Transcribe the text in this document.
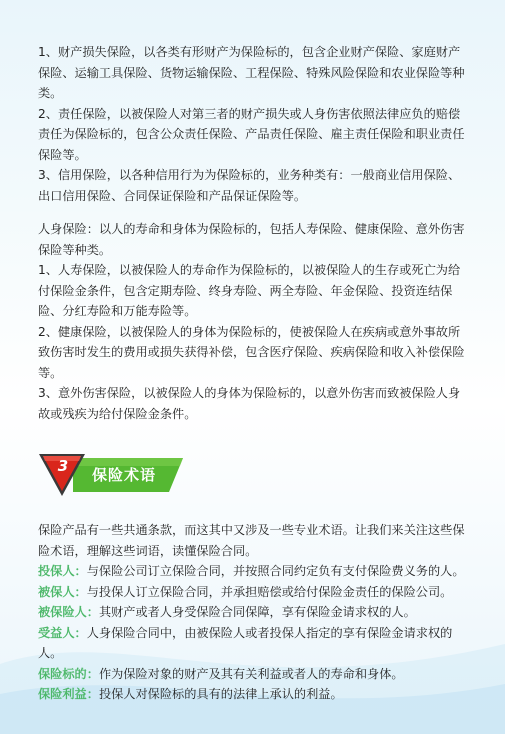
1、财产损失保险，以各类有形财产为保险标的，包含企业财产保险、家庭财产保险、运输工具保险、货物运输保险、工程保险、特殊风险保险和农业保险等种类。

2、责任保险，以被保险人对第三者的财产损失或人身伤害依照法律应负的赔偿责任为保险标的，包含公众责任保险、产品责任保险、雇主责任保险和职业责任保险等。

3、信用保险，以各种信用行为为保险标的，业务种类有：一般商业信用保险、出口信用保险、合同保证保险和产品保证保险等。

人身保险：以人的寿命和身体为保险标的，包括人寿保险、健康保险、意外伤害保险等种类。

1、人寿保险，以被保险人的寿命作为保险标的，以被保险人的生存或死亡为给付保险金条件，包含定期寿险、终身寿险、两全寿险、年金保险、投资连结保险、分红寿险和万能寿险等。

2、健康保险，以被保险人的身体为保险标的，使被保险人在疾病或意外事故所致伤害时发生的费用或损失获得补偿，包含医疗保险、疾病保险和收入补偿保险等。

3、意外伤害保险，以被保险人的身体为保险标的，以意外伤害而致被保险人身故或残疾为给付保险金条件。

3	保险术语

保险产品有一些共通条款，而这其中又涉及一些专业术语。让我们来关注这些保险术语，理解这些词语，读懂保险合同。

投保人：与保险公司订立保险合同，并按照合同约定负有支付保险费义务的人。

被保人：与投保人订立保险合同，并承担赔偿或给付保险金责任的保险公司。

被保险人：其财产或者人身受保险合同保障，享有保险金请求权的人。

受益人：人身保险合同中，由被保险人或者投保人指定的享有保险金请求权的人。

保险标的：作为保险对象的财产及其有关利益或者人的寿命和身体。

保险利益：投保人对保险标的具有的法律上承认的利益。
